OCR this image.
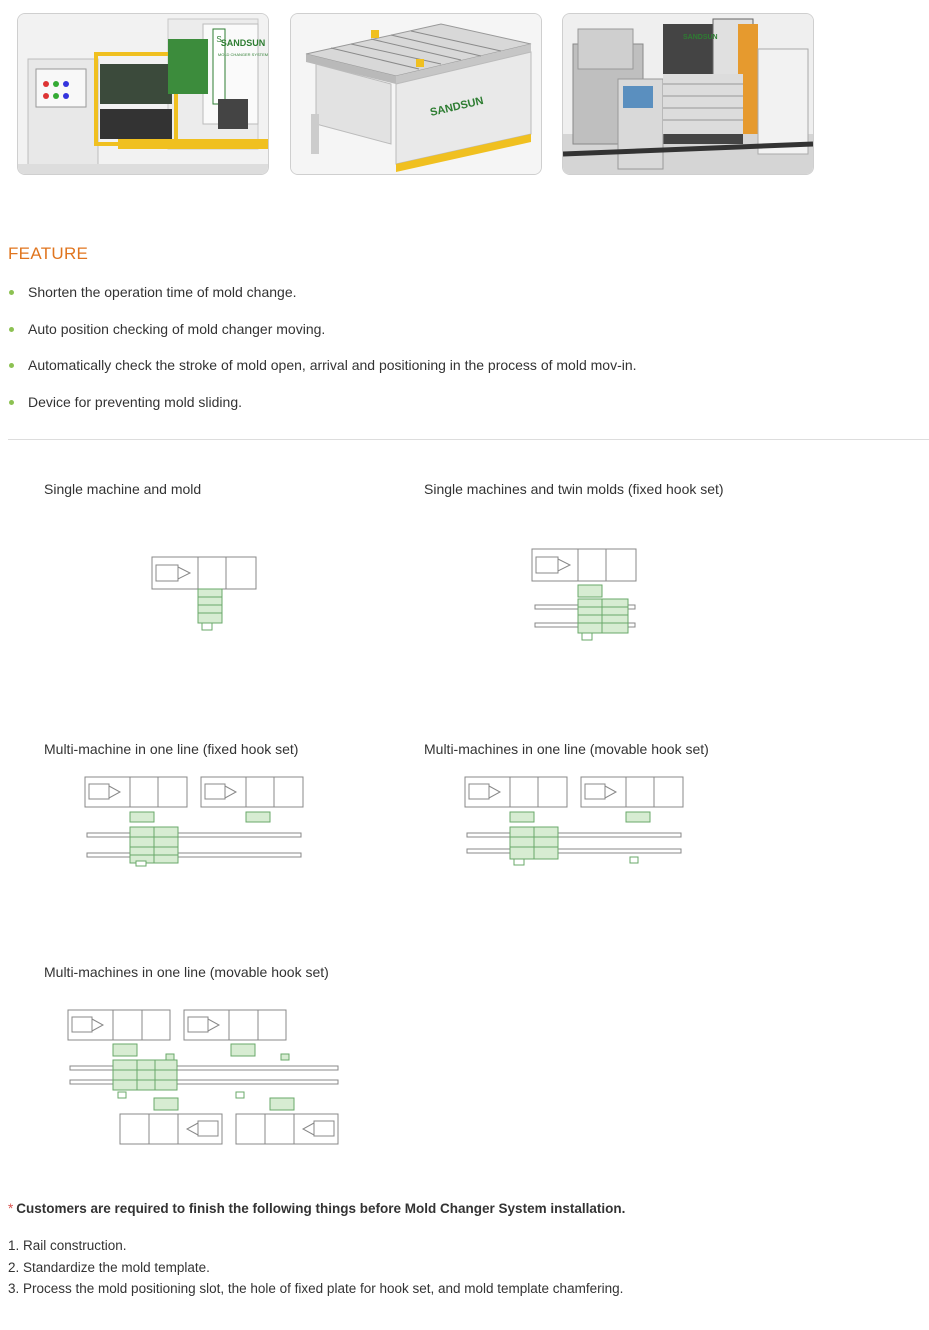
S SANDSUN
MOLD CHANGER SYSTEM
SANDSUN
SANDSUN
FEATURE
Shorten the operation time of mold change.
Auto position checking of mold changer moving.
Automatically check the stroke of mold open, arrival and positioning in the process of mold mov-in.
Device for preventing mold sliding.
Single machine and mold	Single machines and twin molds (fixed hook set)
Multi-machine in one line (fixed hook set)	Multi-machines in one line (movable hook set)
Multi-machines in one line (movable hook set)
* Customers are required to finish the following things before Mold Changer System installation.
1. Rail construction.
2. Standardize the mold template.
3. Process the mold positioning slot, the hole of fixed plate for hook set, and mold template chamfering.
